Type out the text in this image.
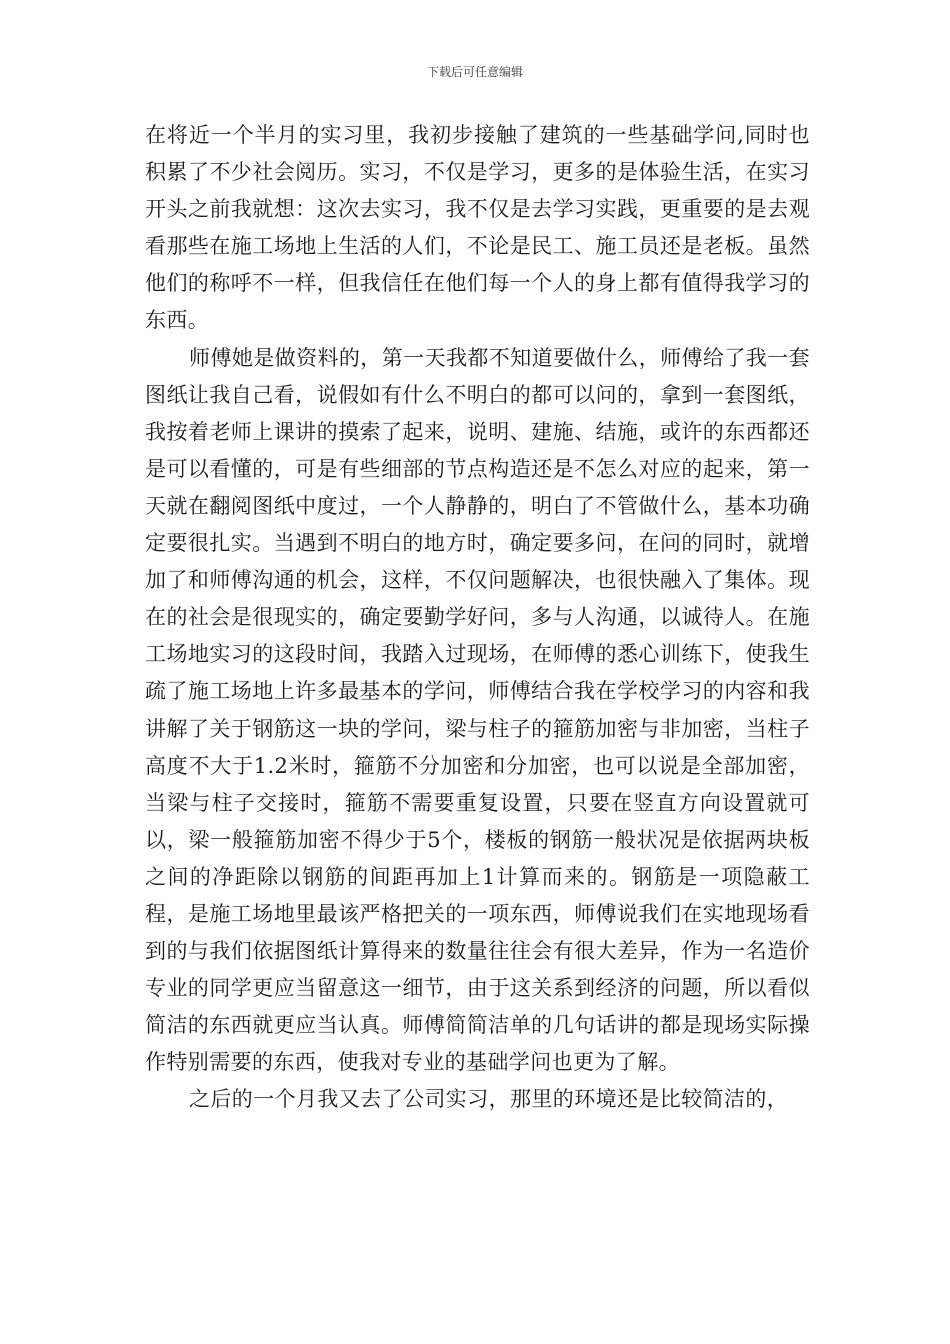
下载后可任意编辑

在将近一个半月的实习里，我初步接触了建筑的一些基础学问,同时也积累了不少社会阅历。实习，不仅是学习，更多的是体验生活，在实习开头之前我就想：这次去实习，我不仅是去学习实践，更重要的是去观看那些在施工场地上生活的人们，不论是民工、施工员还是老板。虽然他们的称呼不一样，但我信任在他们每一个人的身上都有值得我学习的东西。

师傅她是做资料的，第一天我都不知道要做什么，师傅给了我一套图纸让我自己看，说假如有什么不明白的都可以问的，拿到一套图纸，我按着老师上课讲的摸索了起来，说明、建施、结施，或许的东西都还是可以看懂的，可是有些细部的节点构造还是不怎么对应的起来，第一天就在翻阅图纸中度过，一个人静静的，明白了不管做什么，基本功确定要很扎实。当遇到不明白的地方时，确定要多问，在问的同时，就增加了和师傅沟通的机会，这样，不仅问题解决，也很快融入了集体。现在的社会是很现实的，确定要勤学好问，多与人沟通，以诚待人。在施工场地实习的这段时间，我踏入过现场，在师傅的悉心训练下，使我生疏了施工场地上许多最基本的学问，师傅结合我在学校学习的内容和我讲解了关于钢筋这一块的学问，梁与柱子的箍筋加密与非加密，当柱子高度不大于1.2米时，箍筋不分加密和分加密，也可以说是全部加密，当梁与柱子交接时，箍筋不需要重复设置，只要在竖直方向设置就可以，梁一般箍筋加密不得少于5个，楼板的钢筋一般状况是依据两块板之间的净距除以钢筋的间距再加上1计算而来的。钢筋是一项隐蔽工程，是施工场地里最该严格把关的一项东西，师傅说我们在实地现场看到的与我们依据图纸计算得来的数量往往会有很大差异，作为一名造价专业的同学更应当留意这一细节，由于这关系到经济的问题，所以看似简洁的东西就更应当认真。师傅简简洁单的几句话讲的都是现场实际操作特别需要的东西，使我对专业的基础学问也更为了解。

之后的一个月我又去了公司实习，那里的环境还是比较简洁的，
